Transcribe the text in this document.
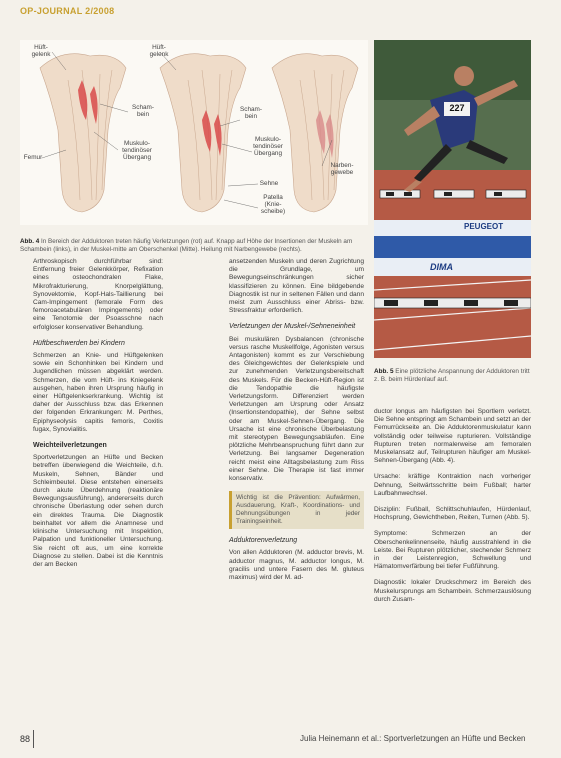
OP-JOURNAL 2/2008
Hüft-
gelenk
Hüft-
gelenk
Scham-
bein
Muskulo-
tendinöser
Übergang
Femur
Scham-
bein
Muskulo-
tendinöser
Übergang
Narben-
gewebe
Sehne
Patella
(Knie-
scheibe)
Abb. 4 In Bereich der Adduktoren treten häufig Verletzungen (rot) auf. Knapp auf Höhe der Insertionen der Muskeln am Schambein (links), in der Muskel-mitte am Oberschenkel (Mitte). Heilung mit Narbengewebe (rechts).
227
PEUGEOT
DIMA
Abb. 5 Eine plötzliche Anspannung der Adduktoren tritt z. B. beim Hürdenlauf auf.

Arthroskopisch durchführbar sind: Entfernung freier Gelenkkörper, Refixation eines osteochondralen Flake, Mikrofrakturierung, Knorpelglättung, Synovektomie, Kopf-Hals-Taillierung bei Cam-Impingement (femorale Form des femoroacetabulären Impingements) oder eine Tenotomie der Psoasschne nach erfolgloser konservativer Behandlung.

Hüftbeschwerden bei Kindern

Schmerzen an Knie- und Hüftgelenken sowie ein Schonhinken bei Kindern und Jugendlichen müssen abgeklärt werden. Schmerzen, die vom Hüft- ins Kniegelenk ausgehen, haben ihren Ursprung häufig in einer Hüftgelenkserkrankung. Wichtig ist daher der Ausschluss bzw. das Erkennen der folgenden Erkrankungen: M. Perthes, Epiphyseolysis capitis femoris, Coxitis fugax, Synovialitis.

Weichteilverletzungen

Sportverletzungen an Hüfte und Becken betreffen überwiegend die Weichteile, d.h. Muskeln, Sehnen, Bänder und Schleimbeutel. Diese entstehen einerseits durch akute Überdehnung (reaktionäre Bewegungsausführung), andererseits durch chronische Überlastung oder sehen durch ein direktes Trauma. Die Diagnostik beinhaltet vor allem die Anamnese und klinische Untersuchung mit Inspektion, Palpation und funktioneller Untersuchung. Sie reicht oft aus, um eine korrekte Diagnose zu stellen. Dabei ist die Kenntnis der am Becken

ansetzenden Muskeln und deren Zugrichtung die Grundlage, um Bewegungseinschränkungen sicher klassifizieren zu können. Eine bildgebende Diagnostik ist nur in seltenen Fällen und dann meist zum Ausschluss einer Abriss- bzw. Stressfraktur erforderlich.

Verletzungen der Muskel-/Sehneneinheit

Bei muskulären Dysbalancen (chronische versus rasche Muskellfolge, Agonisten versus Antagonisten) kommt es zur Verschiebung des Gleichgewichtes der Gelenkspiele und zur zunehmenden Verletzungsbereitschaft des Muskels. Für die Becken-Hüft-Region ist die Tendopathie die häufigste Verletzungsform. Differenziert werden Verletzungen am Ursprung oder Ansatz (Insertionstendopathie), der Sehne selbst oder am Muskel-Sehnen-Übergang. Die Ursache ist eine chronische Überbelastung mit stereotypen Bewegungsabläufen. Eine plötzliche Mehrbeanspruchung führt dann zur Verletzung. Bei langsamer Degeneration reicht meist eine Alltagsbelastung zum Riss einer Sehne. Die Therapie ist fast immer konservativ.

Wichtig ist die Prävention: Aufwärmen, Ausdauerung, Kraft-, Koordinations- und Dehnungsübungen in jeder Trainingseinheit.
Adduktorenverletzung

Von allen Adduktoren (M. adductor brevis, M. adductor magnus, M. adductor longus, M. gracilis und untere Fasern des M. gluteus maximus) wird der M. ad-

ductor longus am häufigsten bei Sportlern verletzt. Die Sehne entspringt am Schambein und setzt an der Femurrückseite an. Die Adduktorenmuskulatur kann vollständig oder teilweise rupturieren. Vollständige Rupturen treten normalerweise am femoralen Muskelansatz auf, Teilrupturen häufiger am Muskel-Sehnen-Übergang (Abb. 4).

Ursache: kräftige Kontraktion nach vorheriger Dehnung, Seitwärtsschritte beim Fußball; harter Laufbahnwechsel.

Disziplin: Fußball, Schlittschuhlaufen, Hürdenlauf, Hochsprung, Gewichtheben, Reiten, Turnen (Abb. 5).

Symptome: Schmerzen an der Oberschenkelinnenseite, häufig ausstrahlend in die Leiste. Bei Rupturen plötzlicher, stechender Schmerz in der Leistenregion, Schwellung und Hämatomverfärbung bei tiefer Fußführung.

Diagnostik: lokaler Druckschmerz im Bereich des Muskelursprungs am Schambein. Schmerzauslösung durch Zusam-

88	Julia Heinemann et al.: Sportverletzungen an Hüfte und Becken
